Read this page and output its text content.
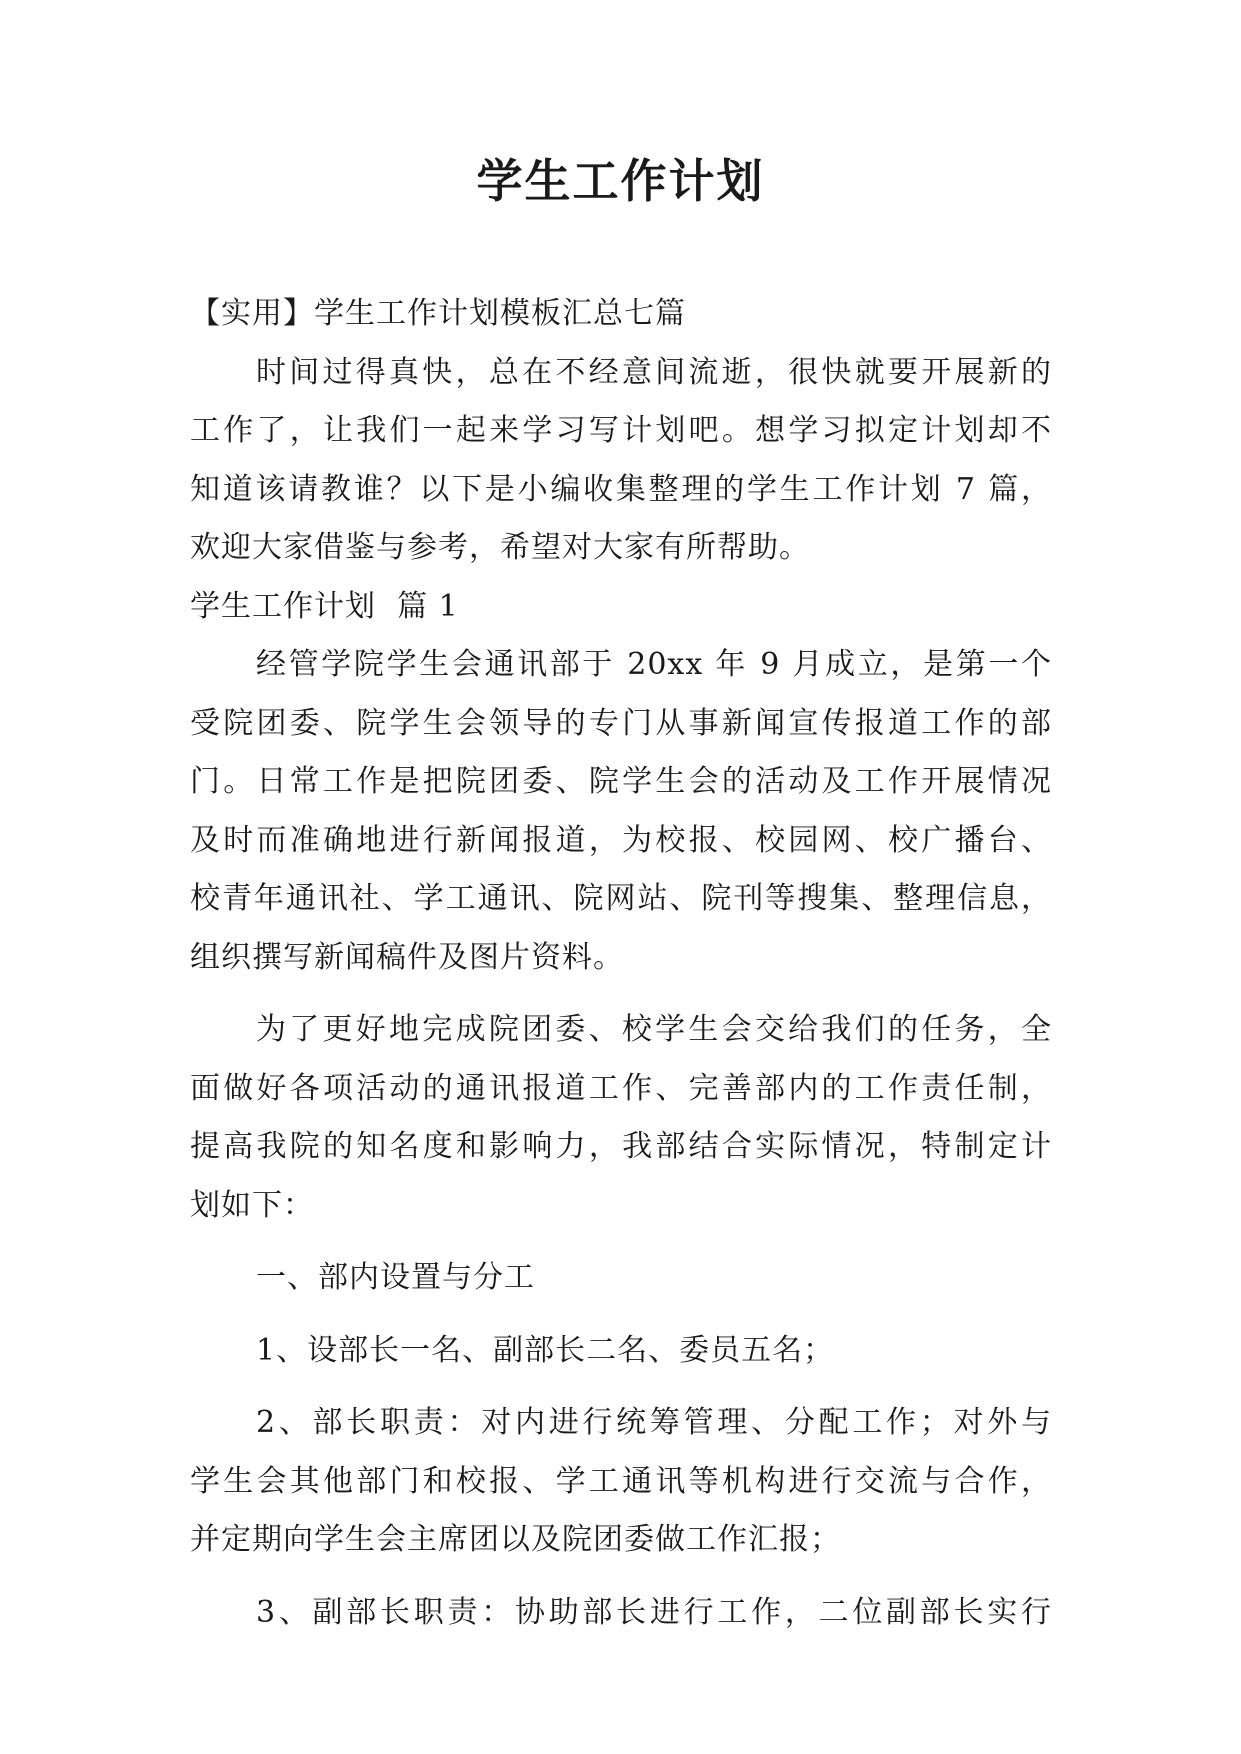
学生工作计划

【实用】学生工作计划模板汇总七篇

时间过得真快，总在不经意间流逝，很快就要开展新的

工作了，让我们一起来学习写计划吧。想学习拟定计划却不

知道该请教谁？以下是小编收集整理的学生工作计划 7 篇，

欢迎大家借鉴与参考，希望对大家有所帮助。

学生工作计划  篇 1

经管学院学生会通讯部于 20xx 年 9 月成立，是第一个

受院团委、院学生会领导的专门从事新闻宣传报道工作的部

门。日常工作是把院团委、院学生会的活动及工作开展情况

及时而准确地进行新闻报道，为校报、校园网、校广播台、

校青年通讯社、学工通讯、院网站、院刊等搜集、整理信息，

组织撰写新闻稿件及图片资料。

为了更好地完成院团委、校学生会交给我们的任务，全

面做好各项活动的通讯报道工作、完善部内的工作责任制，

提高我院的知名度和影响力，我部结合实际情况，特制定计

划如下：

一、部内设置与分工

1、设部长一名、副部长二名、委员五名；

2、部长职责：对内进行统筹管理、分配工作；对外与

学生会其他部门和校报、学工通讯等机构进行交流与合作，

并定期向学生会主席团以及院团委做工作汇报；

3、副部长职责：协助部长进行工作，二位副部长实行
